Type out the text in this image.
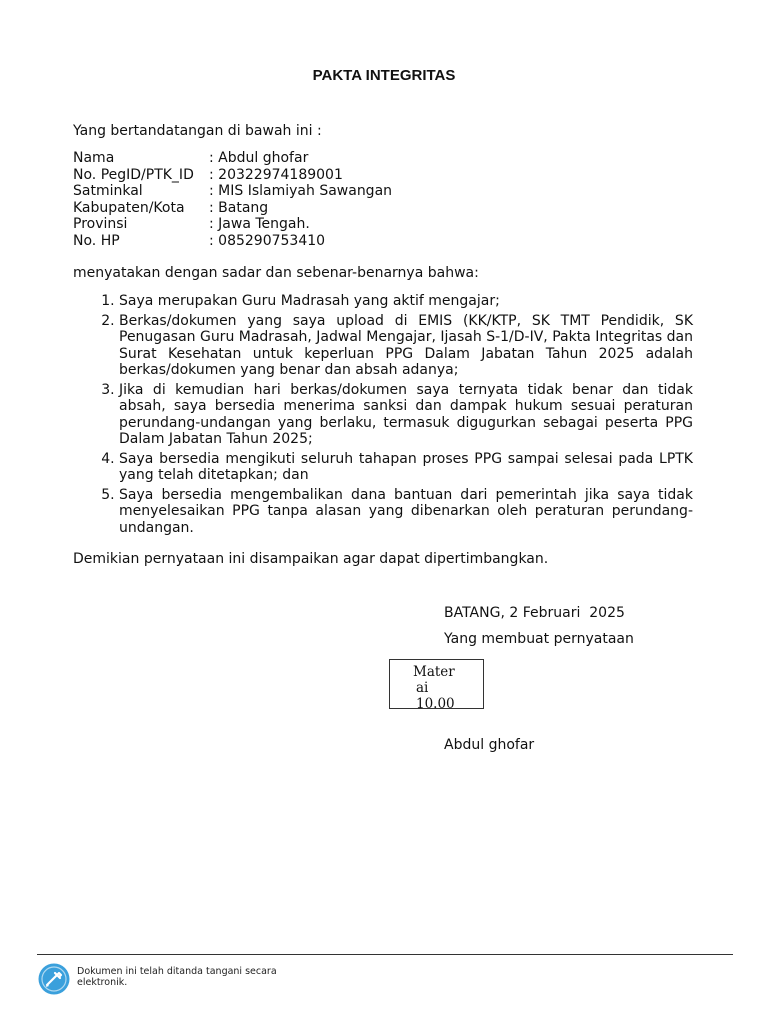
PAKTA INTEGRITAS
Yang bertandatangan di bawah ini :
Nama	: Abdul ghofar
No. PegID/PTK_ID	: 20322974189001
Satminkal	: MIS Islamiyah Sawangan
Kabupaten/Kota	: Batang
Provinsi	: Jawa Tengah.
No. HP	: 085290753410
menyatakan dengan sadar dan sebenar-benarnya bahwa:
1. Saya merupakan Guru Madrasah yang aktif mengajar;
2. Berkas/dokumen yang saya upload di EMIS (KK/KTP, SK TMT Pendidik, SK Penugasan Guru Madrasah, Jadwal Mengajar, Ijasah S-1/D-IV, Pakta Integritas dan Surat Kesehatan untuk keperluan PPG Dalam Jabatan Tahun 2025 adalah berkas/dokumen yang benar dan absah adanya;
3. Jika di kemudian hari berkas/dokumen saya ternyata tidak benar dan tidak absah, saya bersedia menerima sanksi dan dampak hukum sesuai peraturan perundang-undangan yang berlaku, termasuk digugurkan sebagai peserta PPG Dalam Jabatan Tahun 2025;
4. Saya bersedia mengikuti seluruh tahapan proses PPG sampai selesai pada LPTK yang telah ditetapkan; dan
5. Saya bersedia mengembalikan dana bantuan dari pemerintah jika saya tidak menyelesaikan PPG tanpa alasan yang dibenarkan oleh peraturan perundang-undangan.
Demikian pernyataan ini disampaikan agar dapat dipertimbangkan.
BATANG, 2 Februari  2025
Yang membuat pernyataan
Mater
ai
10.00
Abdul ghofar
Dokumen ini telah ditanda tangani secara elektronik.
